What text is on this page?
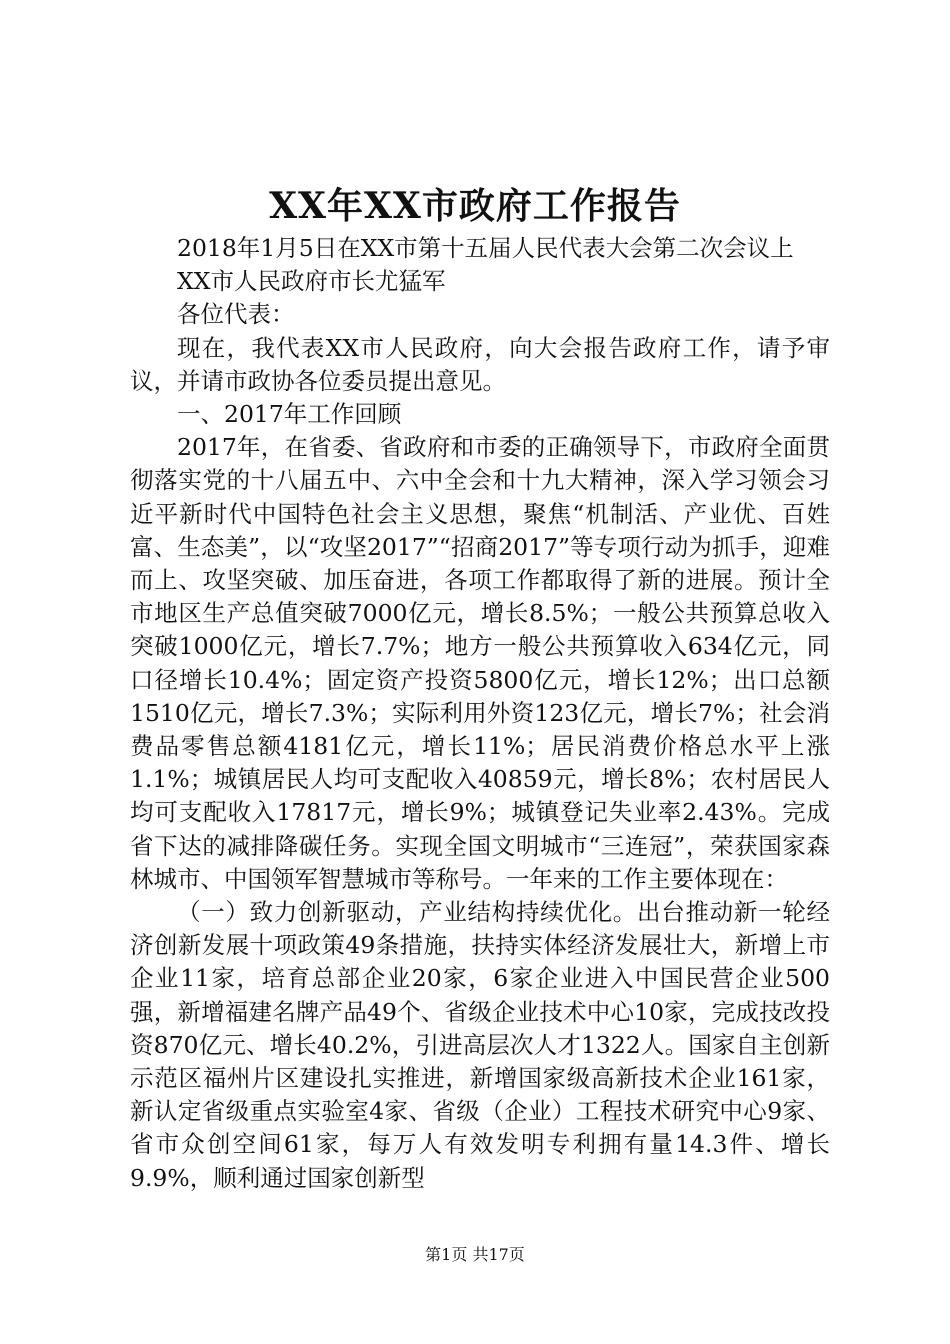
XX年XX市政府工作报告

2018年1月5日在XX市第十五届人民代表大会第二次会议上

XX市人民政府市长尤猛军

各位代表：

现在，我代表XX市人民政府，向大会报告政府工作，请予审议，并请市政协各位委员提出意见。

一、2017年工作回顾

2017年，在省委、省政府和市委的正确领导下，市政府全面贯彻落实党的十八届五中、六中全会和十九大精神，深入学习领会习近平新时代中国特色社会主义思想，聚焦“机制活、产业优、百姓富、生态美”，以“攻坚2017”“招商2017”等专项行动为抓手，迎难而上、攻坚突破、加压奋进，各项工作都取得了新的进展。预计全市地区生产总值突破7000亿元，增长8.5%；一般公共预算总收入突破1000亿元，增长7.7%；地方一般公共预算收入634亿元，同口径增长10.4%；固定资产投资5800亿元，增长12%；出口总额1510亿元，增长7.3%；实际利用外资123亿元，增长7%；社会消费品零售总额4181亿元，增长11%；居民消费价格总水平上涨1.1%；城镇居民人均可支配收入40859元，增长8%；农村居民人均可支配收入17817元，增长9%；城镇登记失业率2.43%。完成省下达的减排降碳任务。实现全国文明城市“三连冠”，荣获国家森林城市、中国领军智慧城市等称号。一年来的工作主要体现在：

（一）致力创新驱动，产业结构持续优化。出台推动新一轮经济创新发展十项政策49条措施，扶持实体经济发展壮大，新增上市企业11家，培育总部企业20家，6家企业进入中国民营企业500强，新增福建名牌产品49个、省级企业技术中心10家，完成技改投资870亿元、增长40.2%，引进高层次人才1322人。国家自主创新示范区福州片区建设扎实推进，新增国家级高新技术企业161家，新认定省级重点实验室4家、省级（企业）工程技术研究中心9家、省市众创空间61家，每万人有效发明专利拥有量14.3件、增长9.9%，顺利通过国家创新型

第1页 共17页
